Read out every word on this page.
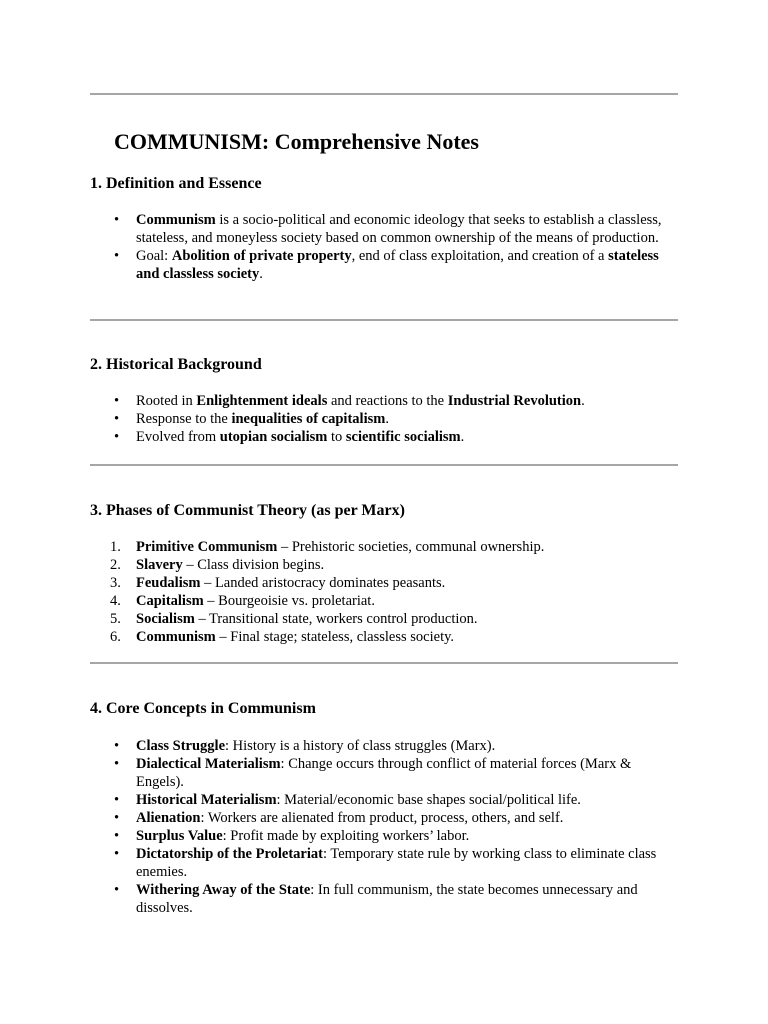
COMMUNISM: Comprehensive Notes
1. Definition and Essence
•	Communism is a socio-political and economic ideology that seeks to establish a classless, stateless, and moneyless society based on common ownership of the means of production.
•	Goal: Abolition of private property, end of class exploitation, and creation of a stateless and classless society.
2. Historical Background
•	Rooted in Enlightenment ideals and reactions to the Industrial Revolution.
•	Response to the inequalities of capitalism.
•	Evolved from utopian socialism to scientific socialism.
3. Phases of Communist Theory (as per Marx)
1.	Primitive Communism – Prehistoric societies, communal ownership.
2.	Slavery – Class division begins.
3.	Feudalism – Landed aristocracy dominates peasants.
4.	Capitalism – Bourgeoisie vs. proletariat.
5.	Socialism – Transitional state, workers control production.
6.	Communism – Final stage; stateless, classless society.
4. Core Concepts in Communism
•	Class Struggle: History is a history of class struggles (Marx).
•	Dialectical Materialism: Change occurs through conflict of material forces (Marx & Engels).
•	Historical Materialism: Material/economic base shapes social/political life.
•	Alienation: Workers are alienated from product, process, others, and self.
•	Surplus Value: Profit made by exploiting workers’ labor.
•	Dictatorship of the Proletariat: Temporary state rule by working class to eliminate class enemies.
•	Withering Away of the State: In full communism, the state becomes unnecessary and dissolves.
